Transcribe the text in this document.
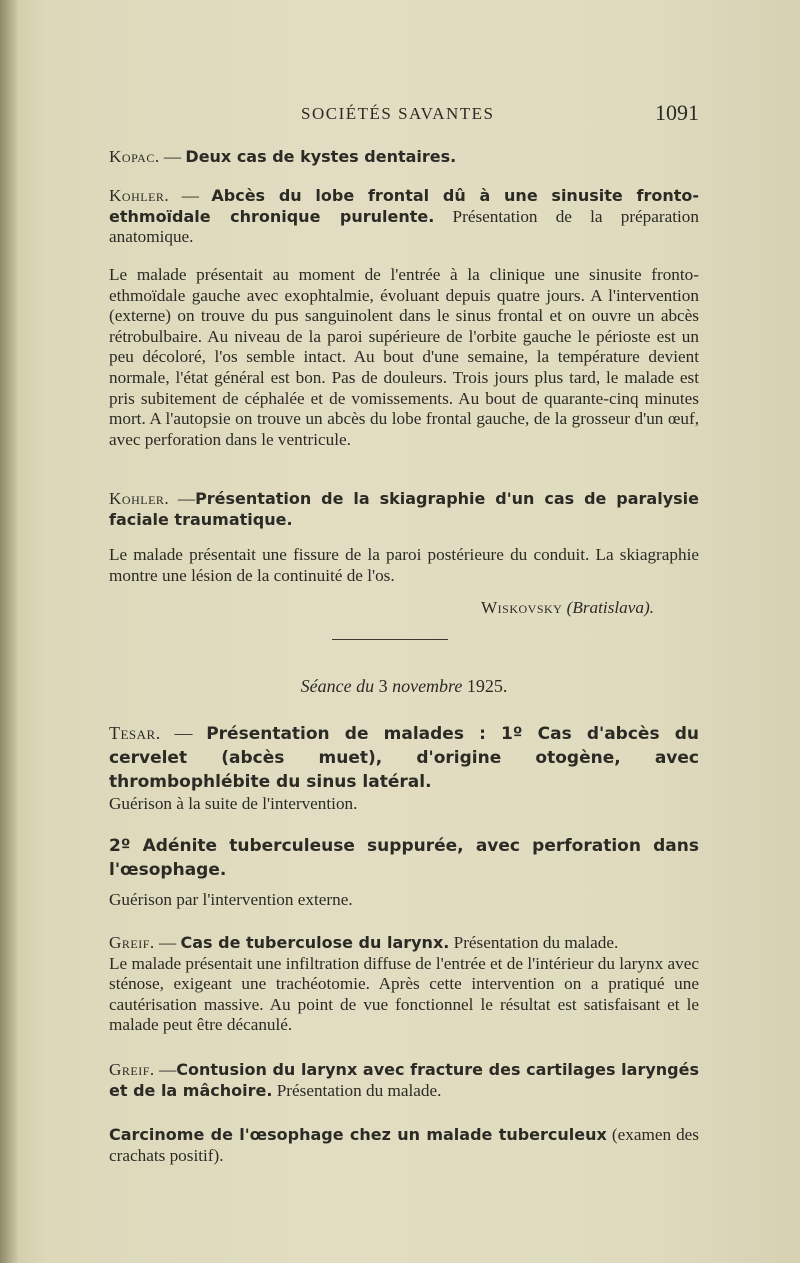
SOCIÉTÉS SAVANTES	1091

Kopac. — Deux cas de kystes dentaires.

Kohler. — Abcès du lobe frontal dû à une sinusite fronto-ethmoïdale chronique purulente. Présentation de la préparation anatomique.

Le malade présentait au moment de l'entrée à la clinique une sinusite fronto-ethmoïdale gauche avec exophtalmie, évoluant depuis quatre jours. A l'intervention (externe) on trouve du pus sanguinolent dans le sinus frontal et on ouvre un abcès rétrobulbaire. Au niveau de la paroi supérieure de l'orbite gauche le périoste est un peu décoloré, l'os semble intact. Au bout d'une semaine, la température devient normale, l'état général est bon. Pas de douleurs. Trois jours plus tard, le malade est pris subitement de céphalée et de vomissements. Au bout de quarante-cinq minutes mort. A l'autopsie on trouve un abcès du lobe frontal gauche, de la grosseur d'un œuf, avec perforation dans le ventricule.

Kohler. —Présentation de la skiagraphie d'un cas de paralysie faciale traumatique.

Le malade présentait une fissure de la paroi postérieure du conduit. La skiagraphie montre une lésion de la continuité de l'os.

Wiskovsky (Bratislava).
Séance du 3 novembre 1925.

Tesar. — Présentation de malades : 1º Cas d'abcès du cervelet (abcès muet), d'origine otogène, avec thrombophlébite du sinus latéral.

Guérison à la suite de l'intervention.

2º Adénite tuberculeuse suppurée, avec perforation dans l'œsophage.

Guérison par l'intervention externe.

Greif. — Cas de tuberculose du larynx. Présentation du malade.

Le malade présentait une infiltration diffuse de l'entrée et de l'intérieur du larynx avec sténose, exigeant une trachéotomie. Après cette intervention on a pratiqué une cautérisation massive. Au point de vue fonctionnel le résultat est satisfaisant et le malade peut être décanulé.

Greif. —Contusion du larynx avec fracture des cartilages laryngés et de la mâchoire. Présentation du malade.

Carcinome de l'œsophage chez un malade tuberculeux (examen des crachats positif).
